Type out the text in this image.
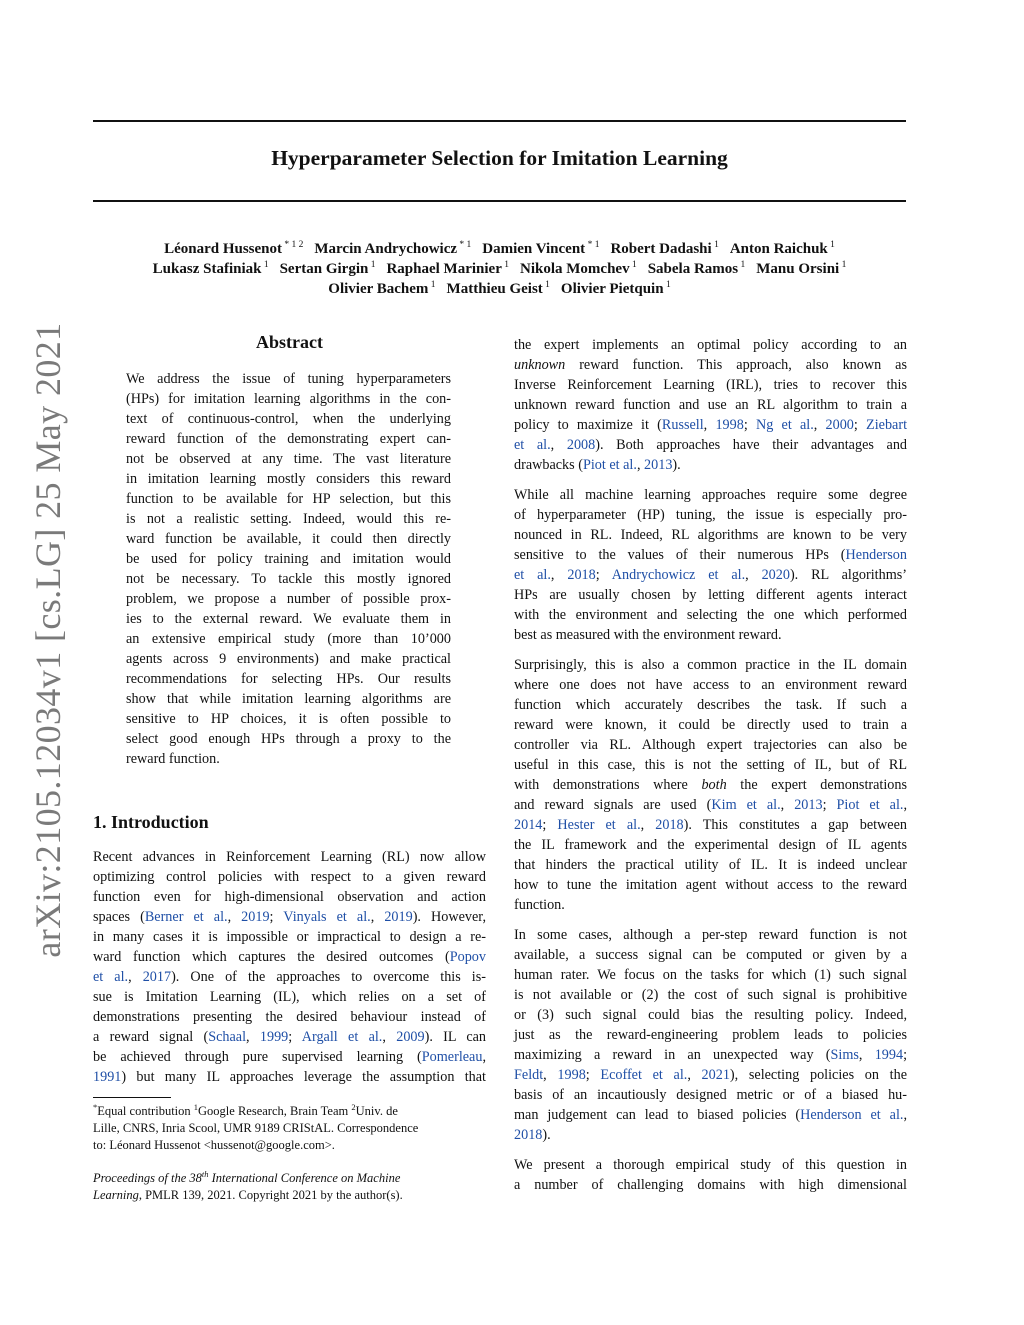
Hyperparameter Selection for Imitation Learning
Léonard Hussenot $^{* 1 2}$ Marcin Andrychowicz $^{* 1}$ Damien Vincent $^{* 1}$ Robert Dadashi $^1$ Anton Raichuk $^1$
Lukasz Stafiniak $^1$ Sertan Girgin $^1$ Raphael Marinier $^1$ Nikola Momchev $^1$ Sabela Ramos $^1$ Manu Orsini $^1$
Olivier Bachem $^1$ Matthieu Geist $^1$ Olivier Pietquin $^1$
arXiv:2105.12034v1 [cs.LG] 25 May 2021	Abstract
We address the issue of tuning hyperparameters
(HPs) for imitation learning algorithms in the con-
text of continuous-control, when the underlying
reward function of the demonstrating expert can-
not be observed at any time. The vast literature
in imitation learning mostly considers this reward
function to be available for HP selection, but this
is not a realistic setting. Indeed, would this re-
ward function be available, it could then directly
be used for policy training and imitation would
not be necessary. To tackle this mostly ignored
problem, we propose a number of possible prox-
ies to the external reward. We evaluate them in
an extensive empirical study (more than 10’000
agents across 9 environments) and make practical
recommendations for selecting HPs. Our results
show that while imitation learning algorithms are
sensitive to HP choices, it is often possible to
select good enough HPs through a proxy to the
reward function.
1. Introduction
Recent advances in Reinforcement Learning (RL) now allow
optimizing control policies with respect to a given reward
function even for high-dimensional observation and action
spaces (Berner et al., 2019; Vinyals et al., 2019). However,
in many cases it is impossible or impractical to design a re-
ward function which captures the desired outcomes (Popov
et al., 2017). One of the approaches to overcome this is-
sue is Imitation Learning (IL), which relies on a set of
demonstrations presenting the desired behaviour instead of
a reward signal (Schaal, 1999; Argall et al., 2009). IL can
be achieved through pure supervised learning (Pomerleau,
1991) but many IL approaches leverage the assumption that
*Equal contribution $^1$Google Research, Brain Team $^2$Univ. de
Lille, CNRS, Inria Scool, UMR 9189 CRIStAL. Correspondence
to: Léonard Hussenot <hussenot@google.com>.
Proceedings of the 38th International Conference on Machine
Learning, PMLR 139, 2021. Copyright 2021 by the author(s).
the expert implements an optimal policy according to an
unknown reward function. This approach, also known as
Inverse Reinforcement Learning (IRL), tries to recover this
unknown reward function and use an RL algorithm to train a
policy to maximize it (Russell, 1998; Ng et al., 2000; Ziebart
et al., 2008). Both approaches have their advantages and
drawbacks (Piot et al., 2013).
While all machine learning approaches require some degree
of hyperparameter (HP) tuning, the issue is especially pro-
nounced in RL. Indeed, RL algorithms are known to be very
sensitive to the values of their numerous HPs (Henderson
et al., 2018; Andrychowicz et al., 2020). RL algorithms’
HPs are usually chosen by letting different agents interact
with the environment and selecting the one which performed
best as measured with the environment reward.
Surprisingly, this is also a common practice in the IL domain
where one does not have access to an environment reward
function which accurately describes the task. If such a
reward were known, it could be directly used to train a
controller via RL. Although expert trajectories can also be
useful in this case, this is not the setting of IL, but of RL
with demonstrations where both the expert demonstrations
and reward signals are used (Kim et al., 2013; Piot et al.,
2014; Hester et al., 2018). This constitutes a gap between
the IL framework and the experimental design of IL agents
that hinders the practical utility of IL. It is indeed unclear
how to tune the imitation agent without access to the reward
function.
In some cases, although a per-step reward function is not
available, a success signal can be computed or given by a
human rater. We focus on the tasks for which (1) such signal
is not available or (2) the cost of such signal is prohibitive
or (3) such signal could bias the resulting policy. Indeed,
just as the reward-engineering problem leads to policies
maximizing a reward in an unexpected way (Sims, 1994;
Feldt, 1998; Ecoffet et al., 2021), selecting policies on the
basis of an incautiously designed metric or of a biased hu-
man judgement can lead to biased policies (Henderson et al.,
2018).
We present a thorough empirical study of this question in
a number of challenging domains with high dimensional
